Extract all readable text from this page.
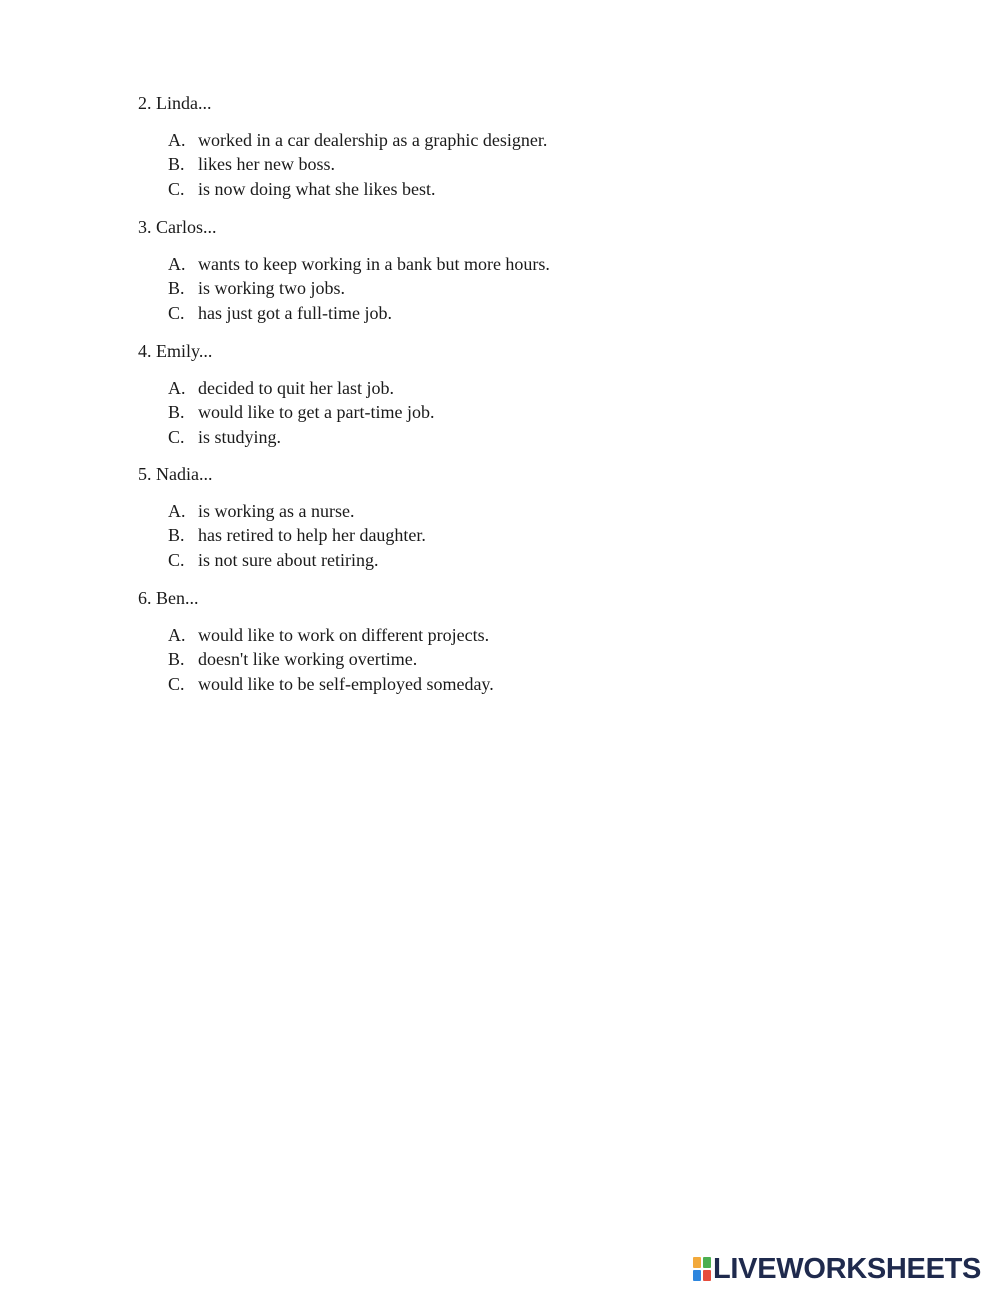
2. Linda...
A. worked in a car dealership as a graphic designer.
B. likes her new boss.
C. is now doing what she likes best.
3. Carlos...
A. wants to keep working in a bank but more hours.
B. is working two jobs.
C. has just got a full-time job.
4. Emily...
A. decided to quit her last job.
B. would like to get a part-time job.
C. is studying.
5. Nadia...
A. is working as a nurse.
B. has retired to help her daughter.
C. is not sure about retiring.
6. Ben...
A. would like to work on different projects.
B. doesn't like working overtime.
C. would like to be self-employed someday.
LIVEWORKSHEETS
